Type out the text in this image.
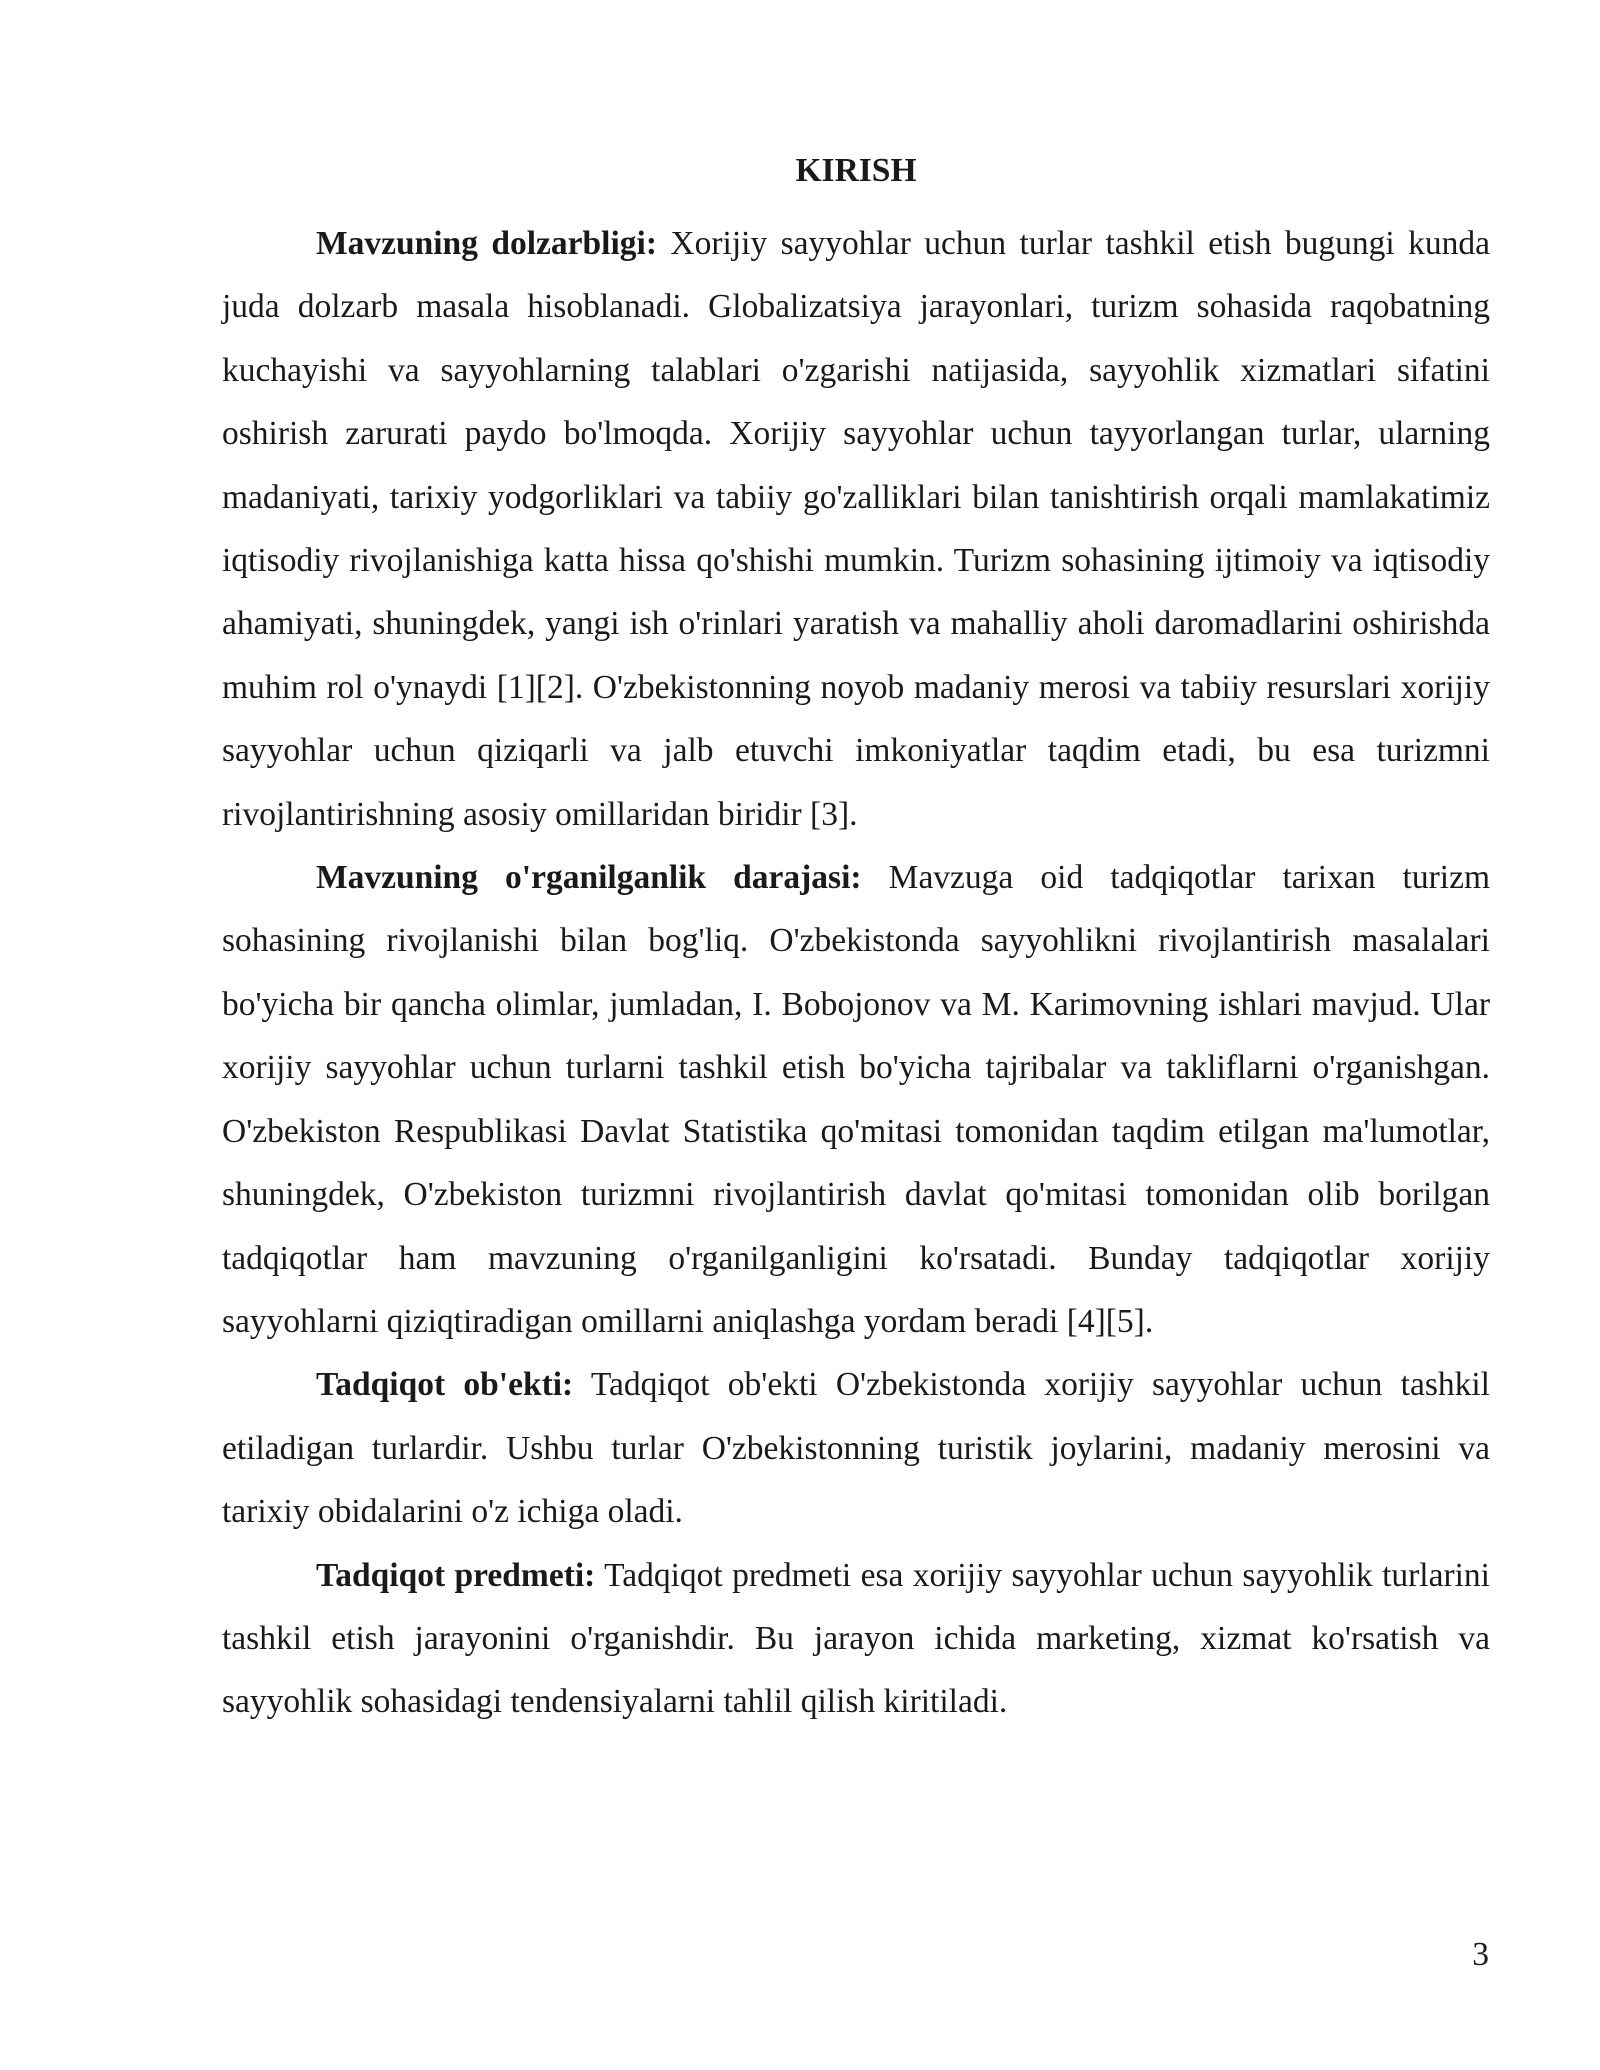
KIRISH

Mavzuning dolzarbligi: Xorijiy sayyohlar uchun turlar tashkil etish bugungi kunda juda dolzarb masala hisoblanadi. Globalizatsiya jarayonlari, turizm sohasida raqobatning kuchayishi va sayyohlarning talablari o'zgarishi natijasida, sayyohlik xizmatlari sifatini oshirish zarurati paydo bo'lmoqda. Xorijiy sayyohlar uchun tayyorlangan turlar, ularning madaniyati, tarixiy yodgorliklari va tabiiy go'zalliklari bilan tanishtirish orqali mamlakatimiz iqtisodiy rivojlanishiga katta hissa qo'shishi mumkin. Turizm sohasining ijtimoiy va iqtisodiy ahamiyati, shuningdek, yangi ish o'rinlari yaratish va mahalliy aholi daromadlarini oshirishda muhim rol o'ynaydi [1][2]. O'zbekistonning noyob madaniy merosi va tabiiy resurslari xorijiy sayyohlar uchun qiziqarli va jalb etuvchi imkoniyatlar taqdim etadi, bu esa turizmni rivojlantirishning asosiy omillaridan biridir [3].

Mavzuning o'rganilganlik darajasi: Mavzuga oid tadqiqotlar tarixan turizm sohasining rivojlanishi bilan bog'liq. O'zbekistonda sayyohlikni rivojlantirish masalalari bo'yicha bir qancha olimlar, jumladan, I. Bobojonov va M. Karimovning ishlari mavjud. Ular xorijiy sayyohlar uchun turlarni tashkil etish bo'yicha tajribalar va takliflarni o'rganishgan. O'zbekiston Respublikasi Davlat Statistika qo'mitasi tomonidan taqdim etilgan ma'lumotlar, shuningdek, O'zbekiston turizmni rivojlantirish davlat qo'mitasi tomonidan olib borilgan tadqiqotlar ham mavzuning o'rganilganligini ko'rsatadi. Bunday tadqiqotlar xorijiy sayyohlarni qiziqtiradigan omillarni aniqlashga yordam beradi [4][5].

Tadqiqot ob'ekti: Tadqiqot ob'ekti O'zbekistonda xorijiy sayyohlar uchun tashkil etiladigan turlardir. Ushbu turlar O'zbekistonning turistik joylarini, madaniy merosini va tarixiy obidalarini o'z ichiga oladi.

Tadqiqot predmeti: Tadqiqot predmeti esa xorijiy sayyohlar uchun sayyohlik turlarini tashkil etish jarayonini o'rganishdir. Bu jarayon ichida marketing, xizmat ko'rsatish va sayyohlik sohasidagi tendensiyalarni tahlil qilish kiritiladi.

3
